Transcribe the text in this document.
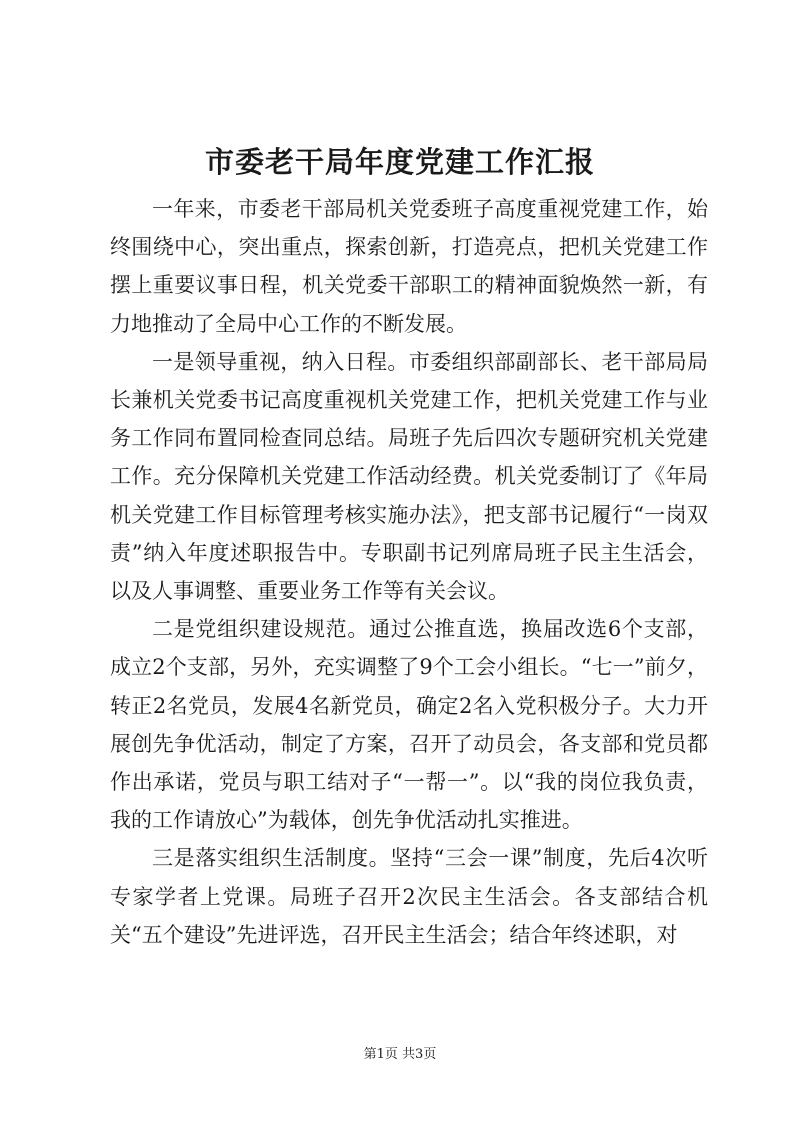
市委老干局年度党建工作汇报

一年来，市委老干部局机关党委班子高度重视党建工作，始终围绕中心，突出重点，探索创新，打造亮点，把机关党建工作摆上重要议事日程，机关党委干部职工的精神面貌焕然一新，有力地推动了全局中心工作的不断发展。

一是领导重视，纳入日程。市委组织部副部长、老干部局局长兼机关党委书记高度重视机关党建工作，把机关党建工作与业务工作同布置同检查同总结。局班子先后四次专题研究机关党建工作。充分保障机关党建工作活动经费。机关党委制订了《年局机关党建工作目标管理考核实施办法》，把支部书记履行“一岗双责”纳入年度述职报告中。专职副书记列席局班子民主生活会，以及人事调整、重要业务工作等有关会议。

二是党组织建设规范。通过公推直选，换届改选6个支部，成立2个支部，另外，充实调整了9个工会小组长。“七一”前夕，转正2名党员，发展4名新党员，确定2名入党积极分子。大力开展创先争优活动，制定了方案，召开了动员会，各支部和党员都作出承诺，党员与职工结对子“一帮一”。以“我的岗位我负责，我的工作请放心”为载体，创先争优活动扎实推进。

三是落实组织生活制度。坚持“三会一课”制度，先后4次听专家学者上党课。局班子召开2次民主生活会。各支部结合机关“五个建设”先进评选，召开民主生活会；结合年终述职，对

第1页 共3页
